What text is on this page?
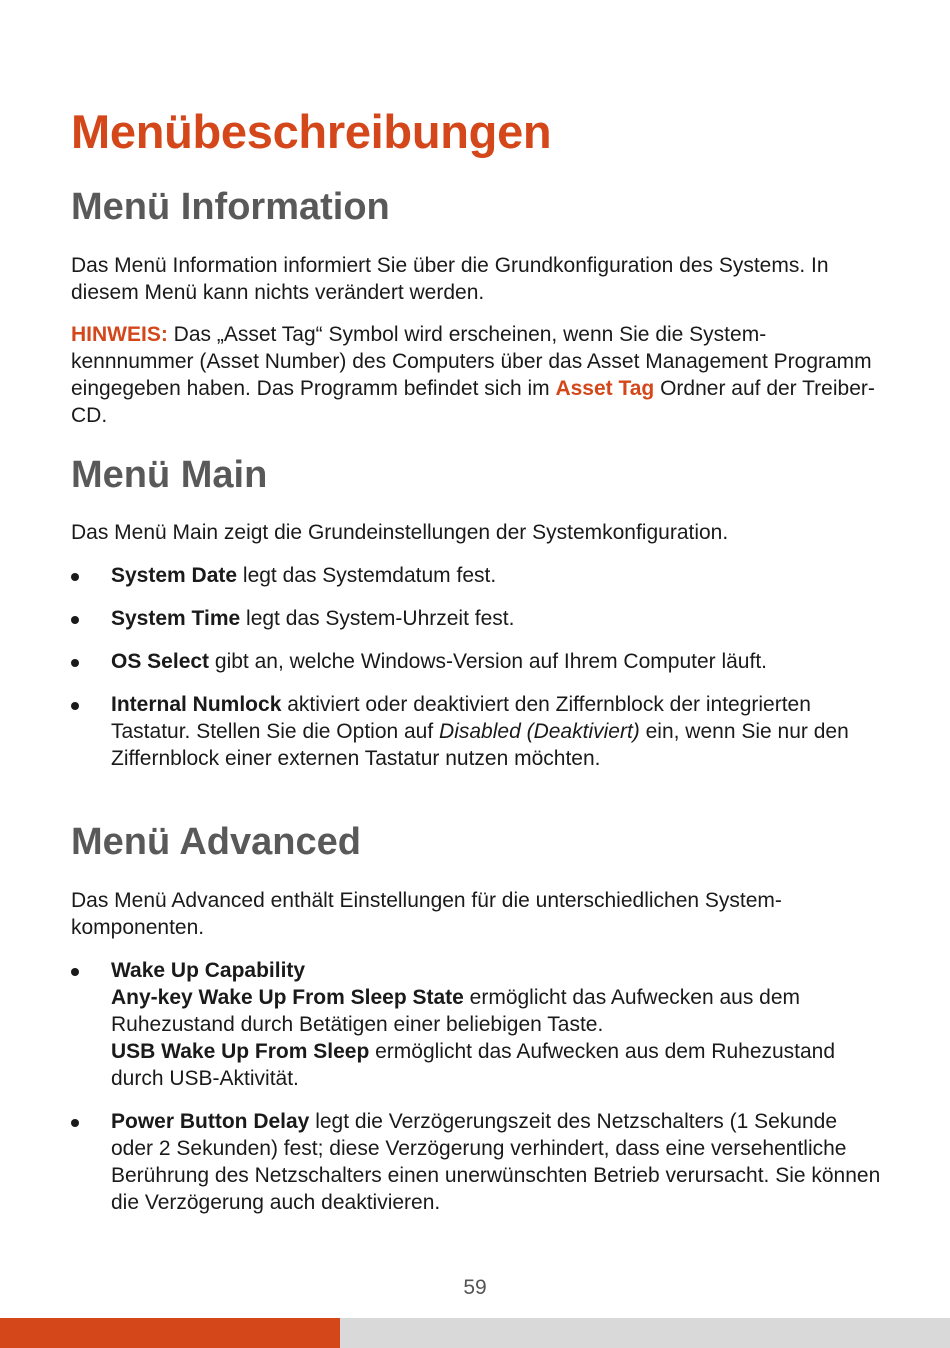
Menübeschreibungen
Menü Information

Das Menü Information informiert Sie über die Grundkonfiguration des Systems. In diesem Menü kann nichts verändert werden.

HINWEIS: Das „Asset Tag“ Symbol wird erscheinen, wenn Sie die System-kennnummer (Asset Number) des Computers über das Asset Management Programm eingegeben haben. Das Programm befindet sich im Asset Tag Ordner auf der Treiber-CD.

Menü Main

Das Menü Main zeigt die Grundeinstellungen der Systemkonfiguration.

System Date legt das Systemdatum fest.
System Time legt das System-Uhrzeit fest.
OS Select gibt an, welche Windows-Version auf Ihrem Computer läuft.
Internal Numlock aktiviert oder deaktiviert den Ziffernblock der integrierten Tastatur. Stellen Sie die Option auf Disabled (Deaktiviert) ein, wenn Sie nur den Ziffernblock einer externen Tastatur nutzen möchten.
Menü Advanced

Das Menü Advanced enthält Einstellungen für die unterschiedlichen System-komponenten.

Wake Up Capability
Any-key Wake Up From Sleep State ermöglicht das Aufwecken aus dem Ruhezustand durch Betätigen einer beliebigen Taste.
USB Wake Up From Sleep ermöglicht das Aufwecken aus dem Ruhezustand durch USB-Aktivität.
Power Button Delay legt die Verzögerungszeit des Netzschalters (1 Sekunde oder 2 Sekunden) fest; diese Verzögerung verhindert, dass eine versehentliche Berührung des Netzschalters einen unerwünschten Betrieb verursacht. Sie können die Verzögerung auch deaktivieren.
59
